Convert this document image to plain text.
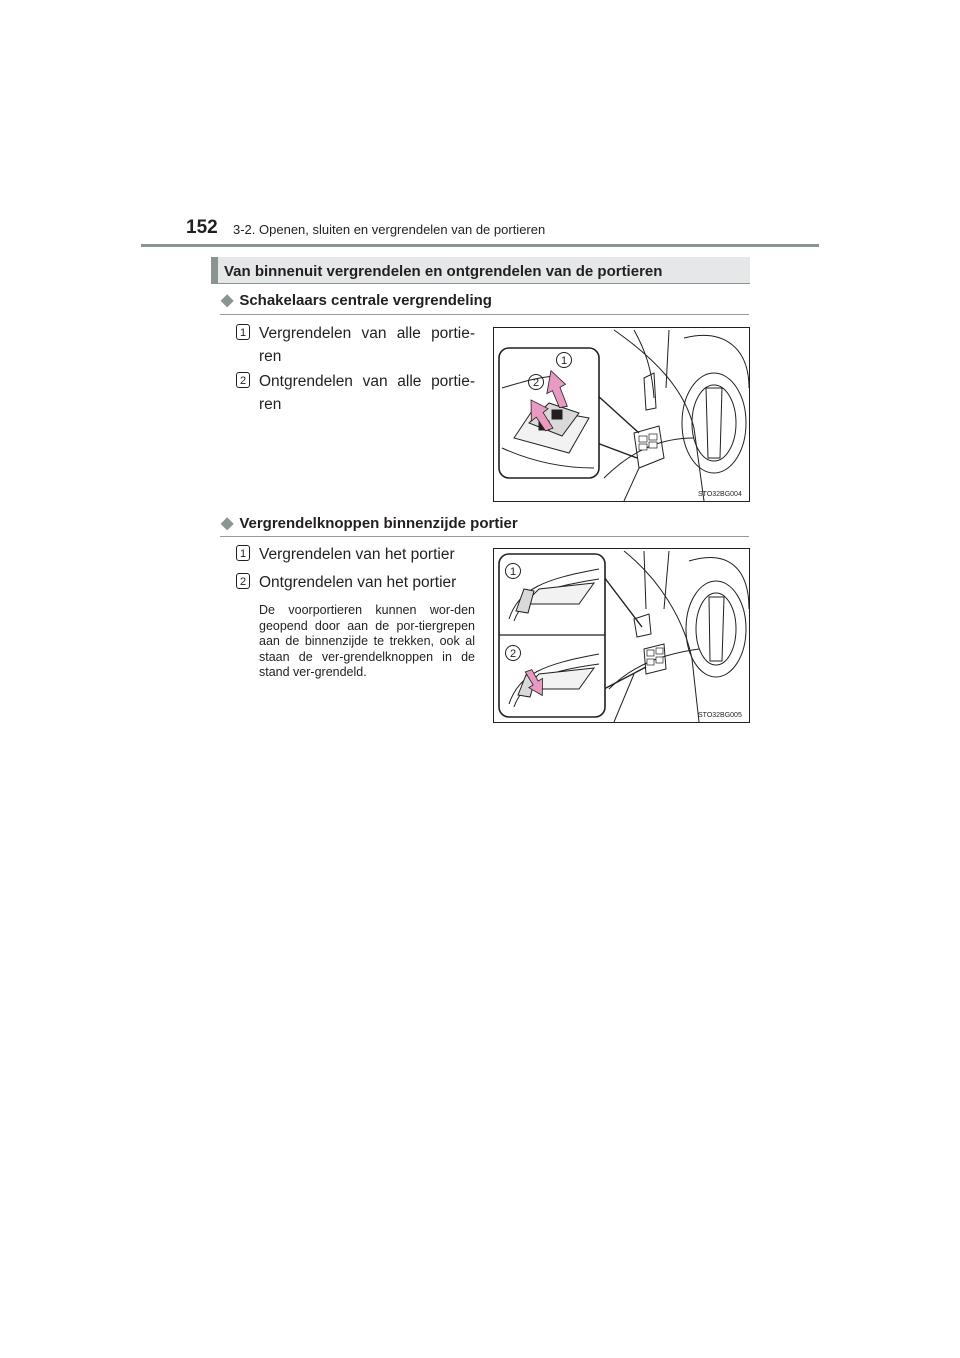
152 3-2. Openen, sluiten en vergrendelen van de portieren
Van binnenuit vergrendelen en ontgrendelen van de portieren
◆ Schakelaars centrale vergrendeling
1 Vergrendelen van alle portie-ren
2 Ontgrendelen van alle portie-ren
1
2
STO32BG004
◆ Vergrendelknoppen binnenzijde portier
1 Vergrendelen van het portier
2 Ontgrendelen van het portier
De voorportieren kunnen wor-den geopend door aan de por-tiergrepen aan de binnenzijde te trekken, ook al staan de ver-grendelknoppen in de stand ver-grendeld.
1
2
STO32BG005
